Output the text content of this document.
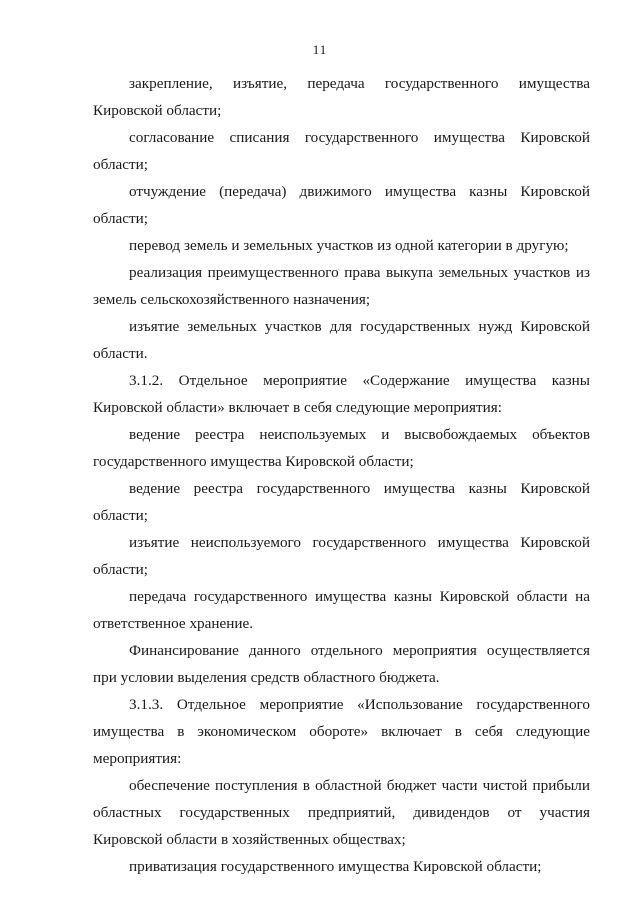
11

закрепление, изъятие, передача государственного имущества Кировской области;

согласование списания государственного имущества Кировской области;

отчуждение (передача) движимого имущества казны Кировской области;

перевод земель и земельных участков из одной категории в другую;

реализация преимущественного права выкупа земельных участков из земель сельскохозяйственного назначения;

изъятие земельных участков для государственных нужд Кировской области.

3.1.2. Отдельное мероприятие «Содержание имущества казны Кировской области» включает в себя следующие мероприятия:

ведение реестра неиспользуемых и высвобождаемых объектов государственного имущества Кировской области;

ведение реестра государственного имущества казны Кировской области;

изъятие неиспользуемого государственного имущества Кировской области;

передача государственного имущества казны Кировской области на ответственное хранение.

Финансирование данного отдельного мероприятия осуществляется при условии выделения средств областного бюджета.

3.1.3. Отдельное мероприятие «Использование государственного имущества в экономическом обороте» включает в себя следующие мероприятия:

обеспечение поступления в областной бюджет части чистой прибыли областных государственных предприятий, дивидендов от участия Кировской области в хозяйственных обществах;

приватизация государственного имущества Кировской области;
